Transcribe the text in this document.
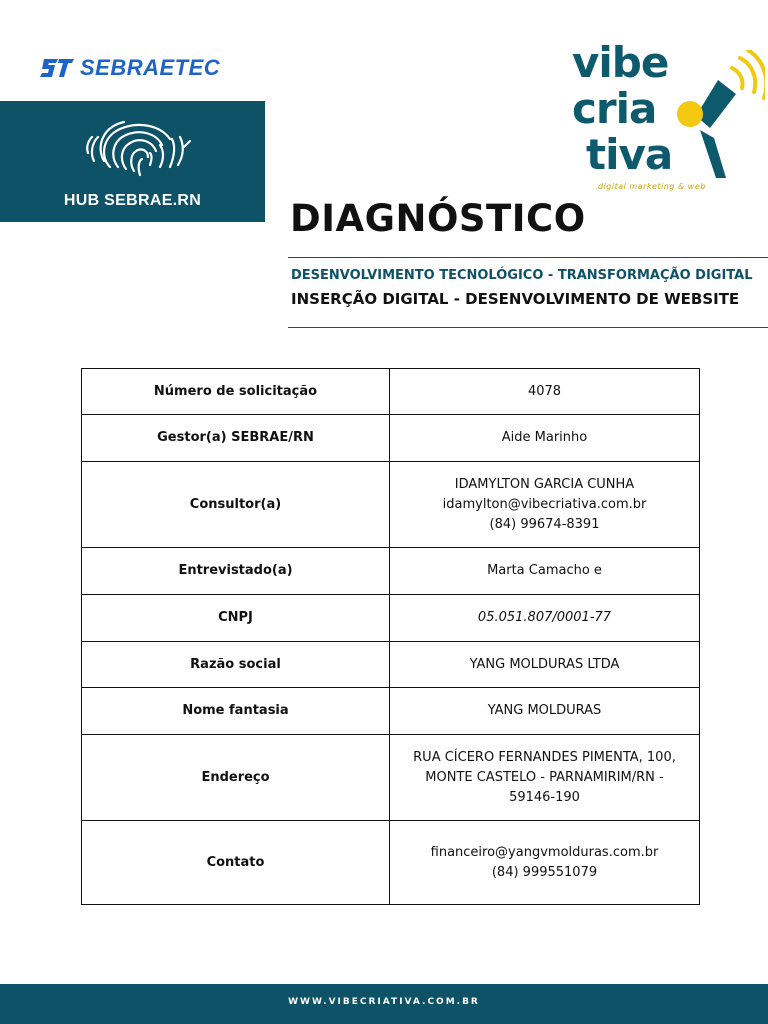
SEBRAETEC
HUB SEBRAE.RN
vibe
cria
tiva
digital marketing & web
DIAGNÓSTICO
DESENVOLVIMENTO TECNOLÓGICO - TRANSFORMAÇÃO DIGITAL
INSERÇÃO DIGITAL - DESENVOLVIMENTO DE WEBSITE
Número de solicitação	4078
Gestor(a) SEBRAE/RN	Aide Marinho
Consultor(a)	IDAMYLTON GARCIA CUNHA
idamylton@vibecriativa.com.br
(84) 99674-8391

Entrevistado(a)	Marta Camacho e
CNPJ	05.051.807/0001-77
Razão social	YANG MOLDURAS LTDA
Nome fantasia	YANG MOLDURAS
Endereço	RUA CÍCERO FERNANDES PIMENTA, 100,
MONTE CASTELO - PARNAMIRIM/RN -
59146-190

Contato	financeiro@yangvmolduras.com.br
(84) 999551079
WWW.VIBECRIATIVA.COM.BR
